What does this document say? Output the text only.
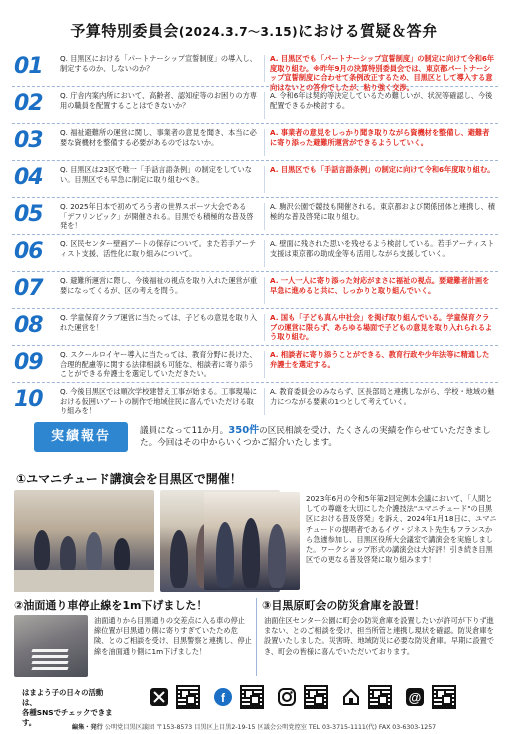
予算特別委員会(2024.3.7～3.15)における質疑＆答弁
01	Q. 目黒区における「パートナーシップ宣誓制度」の導入し、制定するのか、しないのか？
A. 目黒区でも「パートナーシップ宣誓制度」の制定に向けて令和6年度取り組む。※昨年9月の決算特別委員会では、東京都パートナーシップ宣誓制度に合わせて条例改正するため、目黒区として導入する意向はないとの答弁でしたが、粘り強く交渉。
02	Q. 庁舎内案内所において、高齢者、認知症等のお困りの方専用の職員を配置することはできないか？
A. 令和6年は契約等決定しているため難しいが、状況等確認し、今後配置できるか検討する。
03	Q. 福祉避難所の運営に関し、事業者の意見を聞き、本当に必要な資機材を整備する必要があるのではないか。
A. 事業者の意見をしっかり聞き取りながら資機材を整備し、避難者に寄り添った避難所運営ができるようしていく。
04	Q. 目黒区は23区で唯一「手話言語条例」の制定をしていない。目黒区でも早急に制定に取り組むべき。
A. 目黒区でも「手話言語条例」の制定に向けて令和6年度取り組む。
05	Q. 2025年日本で初めてろう者の世界スポーツ大会である「デフリンピック」が開催される。目黒でも積極的な普及啓発を！
A. 駒沢公園で競技も開催される。東京都および関係団体と連携し、積極的な普及啓発に取り組む。
06	Q. 区民センター壁画アートの保存について。また若手アーティスト支援、活性化に取り組みについて。
A. 壁面に残された思いを残せるよう検討している。若手アーティスト支援は東京都の助成金等も活用しながら支援していく。
07	Q. 避難所運営に際し、今後福祉の視点を取り入れた運営が重要になってくるが、区の考えを問う。
A. 一人一人に寄り添った対応がまさに福祉の視点。要避難者計画を早急に進めると共に、しっかりと取り組んでいく。
08	Q. 学童保育クラブ運営に当たっては、子どもの意見を取り入れた運営を！
A. 国も「子ども真ん中社会」を掲げ取り組んでいる。学童保育クラブの運営に限らず、あらゆる場面で子どもの意見を取り入れられるよう取り組む。
09	Q. スクールロイヤー導入に当たっては、教育分野に長けた、合理的配慮等に関する法律相談も可能な、相談者に寄り添うことができる弁護士を選定していただきたい。
A. 相談者に寄り添うことができる、教育行政や少年法等に精通した弁護士を選定する。
10	Q. 今後目黒区では順次学校建替え工事が始まる。工事現場における仮囲いアートの制作で地域住民に喜んでいただける取り組みを！
A. 教育委員会のみならず、区長部局と連携しながら、学校・地域の魅力につながる要素の1つとして考えていく。
実績報告	議員になって11か月。350件の区民相談を受け、たくさんの実績を作らせていただきました。今回はその中からいくつかご紹介いたします。
①ユマニチュード講演会を目黒区で開催！
2023年6月の令和5年第2回定例本会議において、「人間としての尊厳を大切にした介護技法"ユマニチュード"の目黒区における普及啓発」を訴え、2024年1月18日に、ユマニチュードの提唱者であるイヴ・ジネスト先生もフランスから急遽参加し、目黒区役所大会議室で講演会を実施しました。ワークショップ形式の講演会は大好評！引き続き目黒区での更なる普及啓発に取り組みます！
②油面通り車停止線を1m下げました！	③目黒原町会の防災倉庫を設置！
油面通りから目黒通りの交差点に入る車の停止線位置が目黒通り側に寄りすぎていたため危険、とのご相談を受け、目黒警察と連携し、停止線を油面通り側に1m下げました！
油面住区センター公園に町会の防災倉庫を設置したいが許可が下りず進まない、とのご相談を受け、担当所管と連携し現状を確認。防災倉庫を設置いたしました。災害時、地域防災に必要な防災倉庫。早期に設置でき、町会の皆様に喜んでいただいております。
はまよう子の日々の活動は、
各種SNSでチェックできます。
f	@
編集・発行 公明党目黒区議団 〒153-8573 目黒区上目黒2-19-15 区議会公明党控室 TEL 03-3715-1111(代) FAX 03-6303-1257
